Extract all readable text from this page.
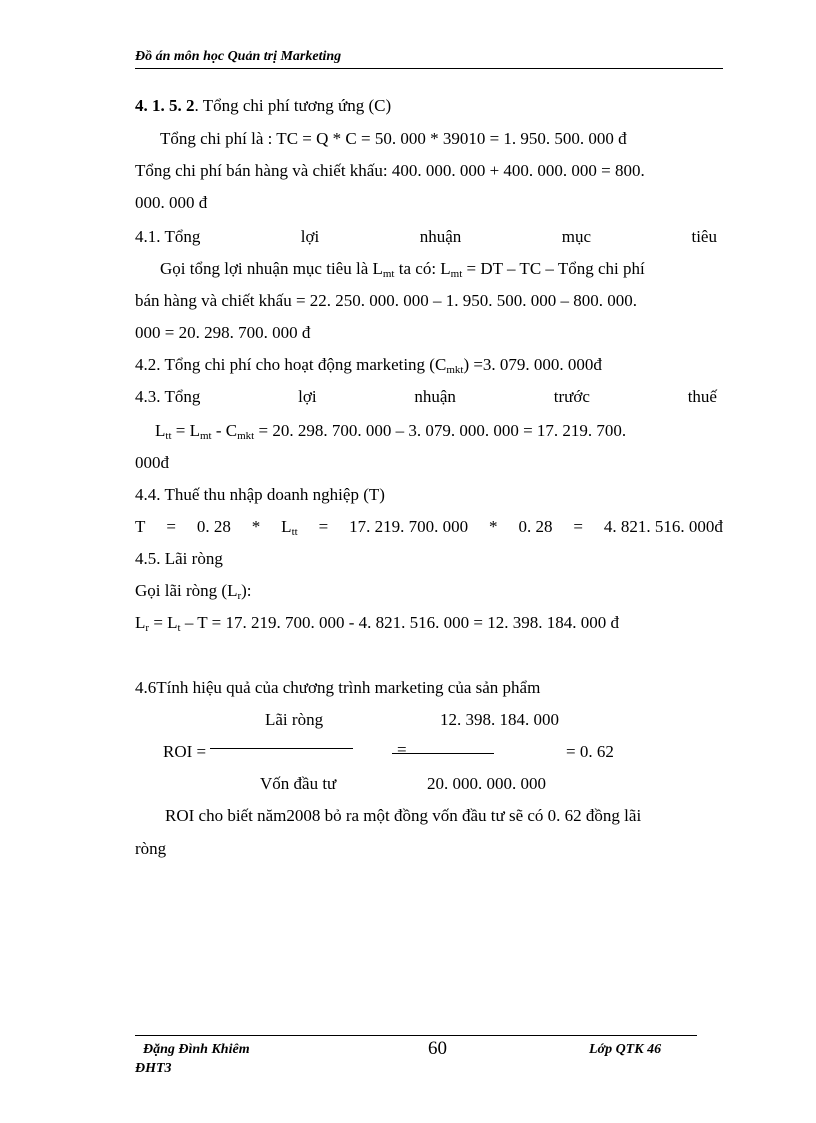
Đồ án môn học Quản trị Marketing
4. 1. 5. 2. Tổng chi phí tương ứng (C)
Tổng chi phí là : TC = Q * C = 50. 000 * 39010 = 1. 950. 500. 000 đ
Tổng chi phí bán hàng và chiết khấu: 400. 000. 000 + 400. 000. 000 = 800.
000. 000 đ
4.1. Tổng	lợi	nhuận	mục	tiêu
Gọi tổng lợi nhuận mục tiêu là $L_{mt}$ ta có: $L_{mt}$ = DT – TC – Tổng chi phí
bán hàng và chiết khấu = 22. 250. 000. 000 – 1. 950. 500. 000 – 800. 000.
000 = 20. 298. 700. 000 đ
4.2. Tổng chi phí cho hoạt động marketing $(C_{mkt}) =3$. 079. 000. 000đ
4.3. Tổng	lợi	nhuận	trước	thuế
$L_{tt} = L_{mt} - C_{mkt} = 20$. 298. 700. 000 – 3. 079. 000. 000 = 17. 219. 700.
000đ
4.4. Thuế thu nhập doanh nghiệp (T)
T = 0. $28 * L_{tt} = 17$. 219. 700. 000 * 0. 28 = 4. 821. 516. 000đ
4.5. Lãi ròng
Gọi lãi ròng $(L_r)$:
$L_r = L_t - T = 17$. 219. 700. 000 - 4. 821. 516. 000 = 12. 398. 184. 000 đ
4.6Tính hiệu quả của chương trình marketing của sản phẩm
Lãi ròng	12. 398. 184. 000
ROI =	=	= 0. 62
Vốn đầu tư	20. 000. 000. 000
ROI cho biết năm2008 bỏ ra một đồng vốn đầu tư sẽ có 0. 62 đồng lãi
ròng
Đặng Đình Khiêm	60	Lớp QTK 46
ĐHT3
